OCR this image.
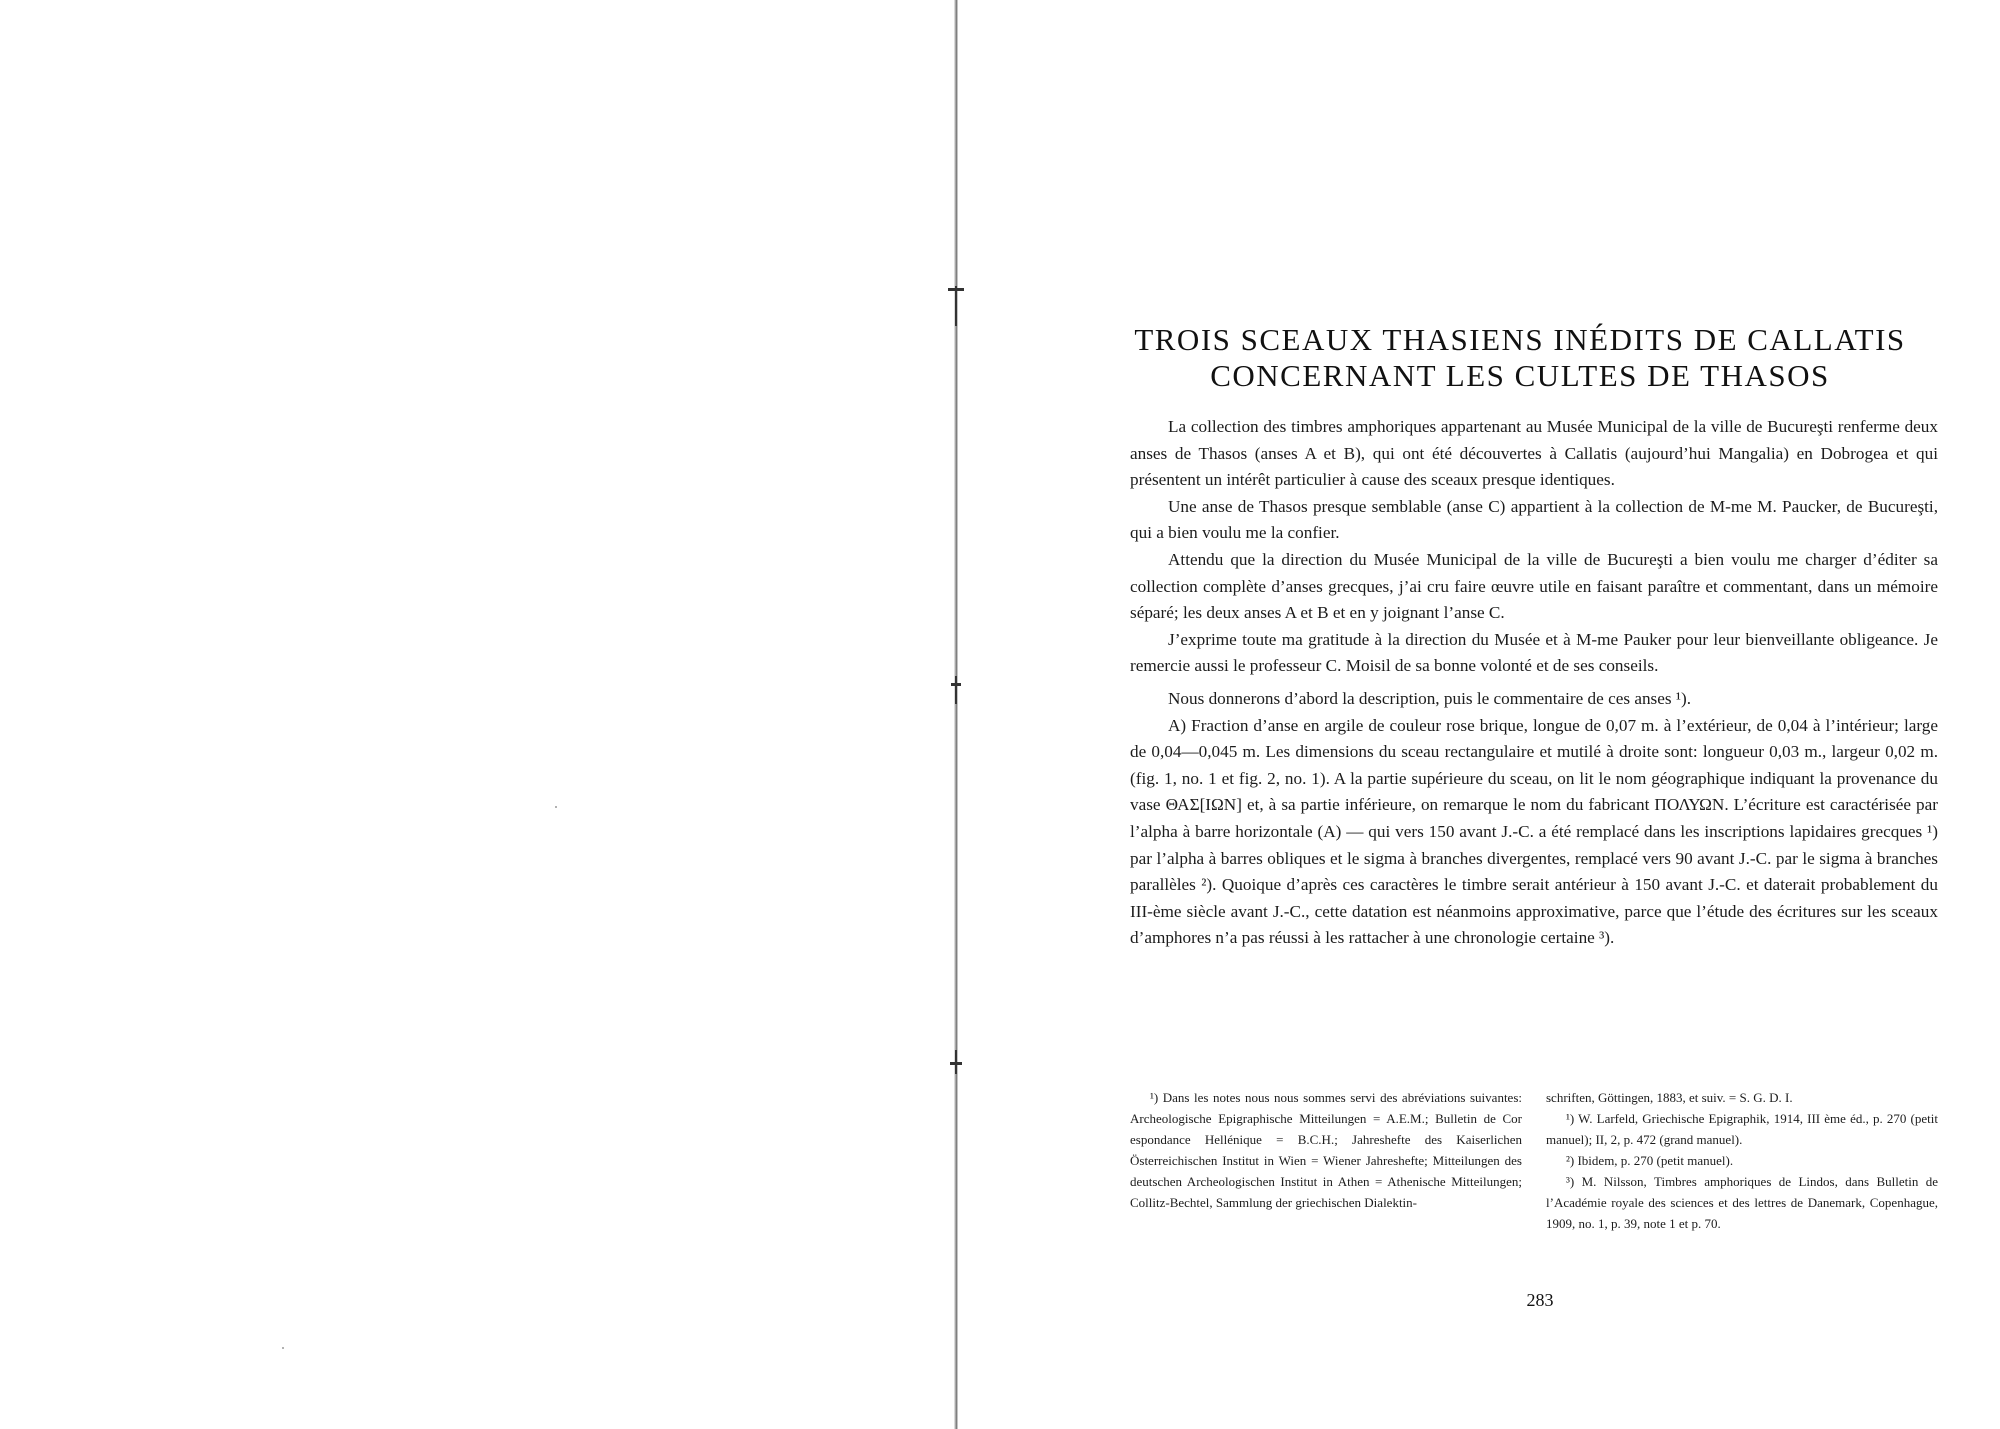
TROIS SCEAUX THASIENS INÉDITS DE CALLATIS
CONCERNANT LES CULTES DE THASOS

La collection des timbres amphoriques appartenant au Musée Municipal de la ville de Bucureşti renferme deux anses de Thasos (anses A et B), qui ont été découvertes à Callatis (aujourd’hui Mangalia) en Dobrogea et qui présentent un intérêt particulier à cause des sceaux presque identiques.

Une anse de Thasos presque semblable (anse C) appartient à la collection de M-me M. Paucker, de Bucureşti, qui a bien voulu me la confier.

Attendu que la direction du Musée Municipal de la ville de Bucureşti a bien voulu me charger d’éditer sa collection complète d’anses grecques, j’ai cru faire œuvre utile en faisant paraître et commentant, dans un mémoire séparé; les deux anses A et B et en y joignant l’anse C.

J’exprime toute ma gratitude à la direction du Musée et à M-me Pauker pour leur bienveillante obligeance. Je remercie aussi le professeur C. Moisil de sa bonne volonté et de ses conseils.

Nous donnerons d’abord la description, puis le commentaire de ces anses ¹).

A) Fraction d’anse en argile de couleur rose brique, longue de 0,07 m. à l’extérieur, de 0,04 à l’intérieur; large de 0,04—0,045 m. Les dimensions du sceau rectangulaire et mutilé à droite sont: longueur 0,03 m., largeur 0,02 m. (fig. 1, no. 1 et fig. 2, no. 1). A la partie supérieure du sceau, on lit le nom géographique indiquant la provenance du vase ΘΑΣ[ΙΩΝ] et, à sa partie inférieure, on remarque le nom du fabricant ΠΟΛΥΩΝ. L’écriture est caractérisée par l’alpha à barre horizontale (A) — qui vers 150 avant J.-C. a été remplacé dans les inscriptions lapidaires grecques ¹) par l’alpha à barres obliques et le sigma à branches divergentes, remplacé vers 90 avant J.-C. par le sigma à branches parallèles ²). Quoique d’après ces caractères le timbre serait antérieur à 150 avant J.-C. et daterait probablement du III-ème siècle avant J.-C., cette datation est néanmoins approximative, parce que l’étude des écritures sur les sceaux d’amphores n’a pas réussi à les rattacher à une chronologie certaine ³).

¹) Dans les notes nous nous sommes servi des abréviations suivantes: Archeologische Epigraphische Mitteilungen = A.E.M.; Bulletin de Cor espondance Hellénique = B.C.H.; Jahreshefte des Kaiserlichen Österreichischen Institut in Wien = Wiener Jahreshefte; Mitteilungen des deutschen Archeologischen Institut in Athen = Athenische Mitteilungen; Collitz-Bechtel, Sammlung der griechischen Dialektin-

schriften, Göttingen, 1883, et suiv. = S. G. D. I.

¹) W. Larfeld, Griechische Epigraphik, 1914, III ème éd., p. 270 (petit manuel); II, 2, p. 472 (grand manuel).

²) Ibidem, p. 270 (petit manuel).

³) M. Nilsson, Timbres amphoriques de Lindos, dans Bulletin de l’Académie royale des sciences et des lettres de Danemark, Copenhague, 1909, no. 1, p. 39, note 1 et p. 70.

283
